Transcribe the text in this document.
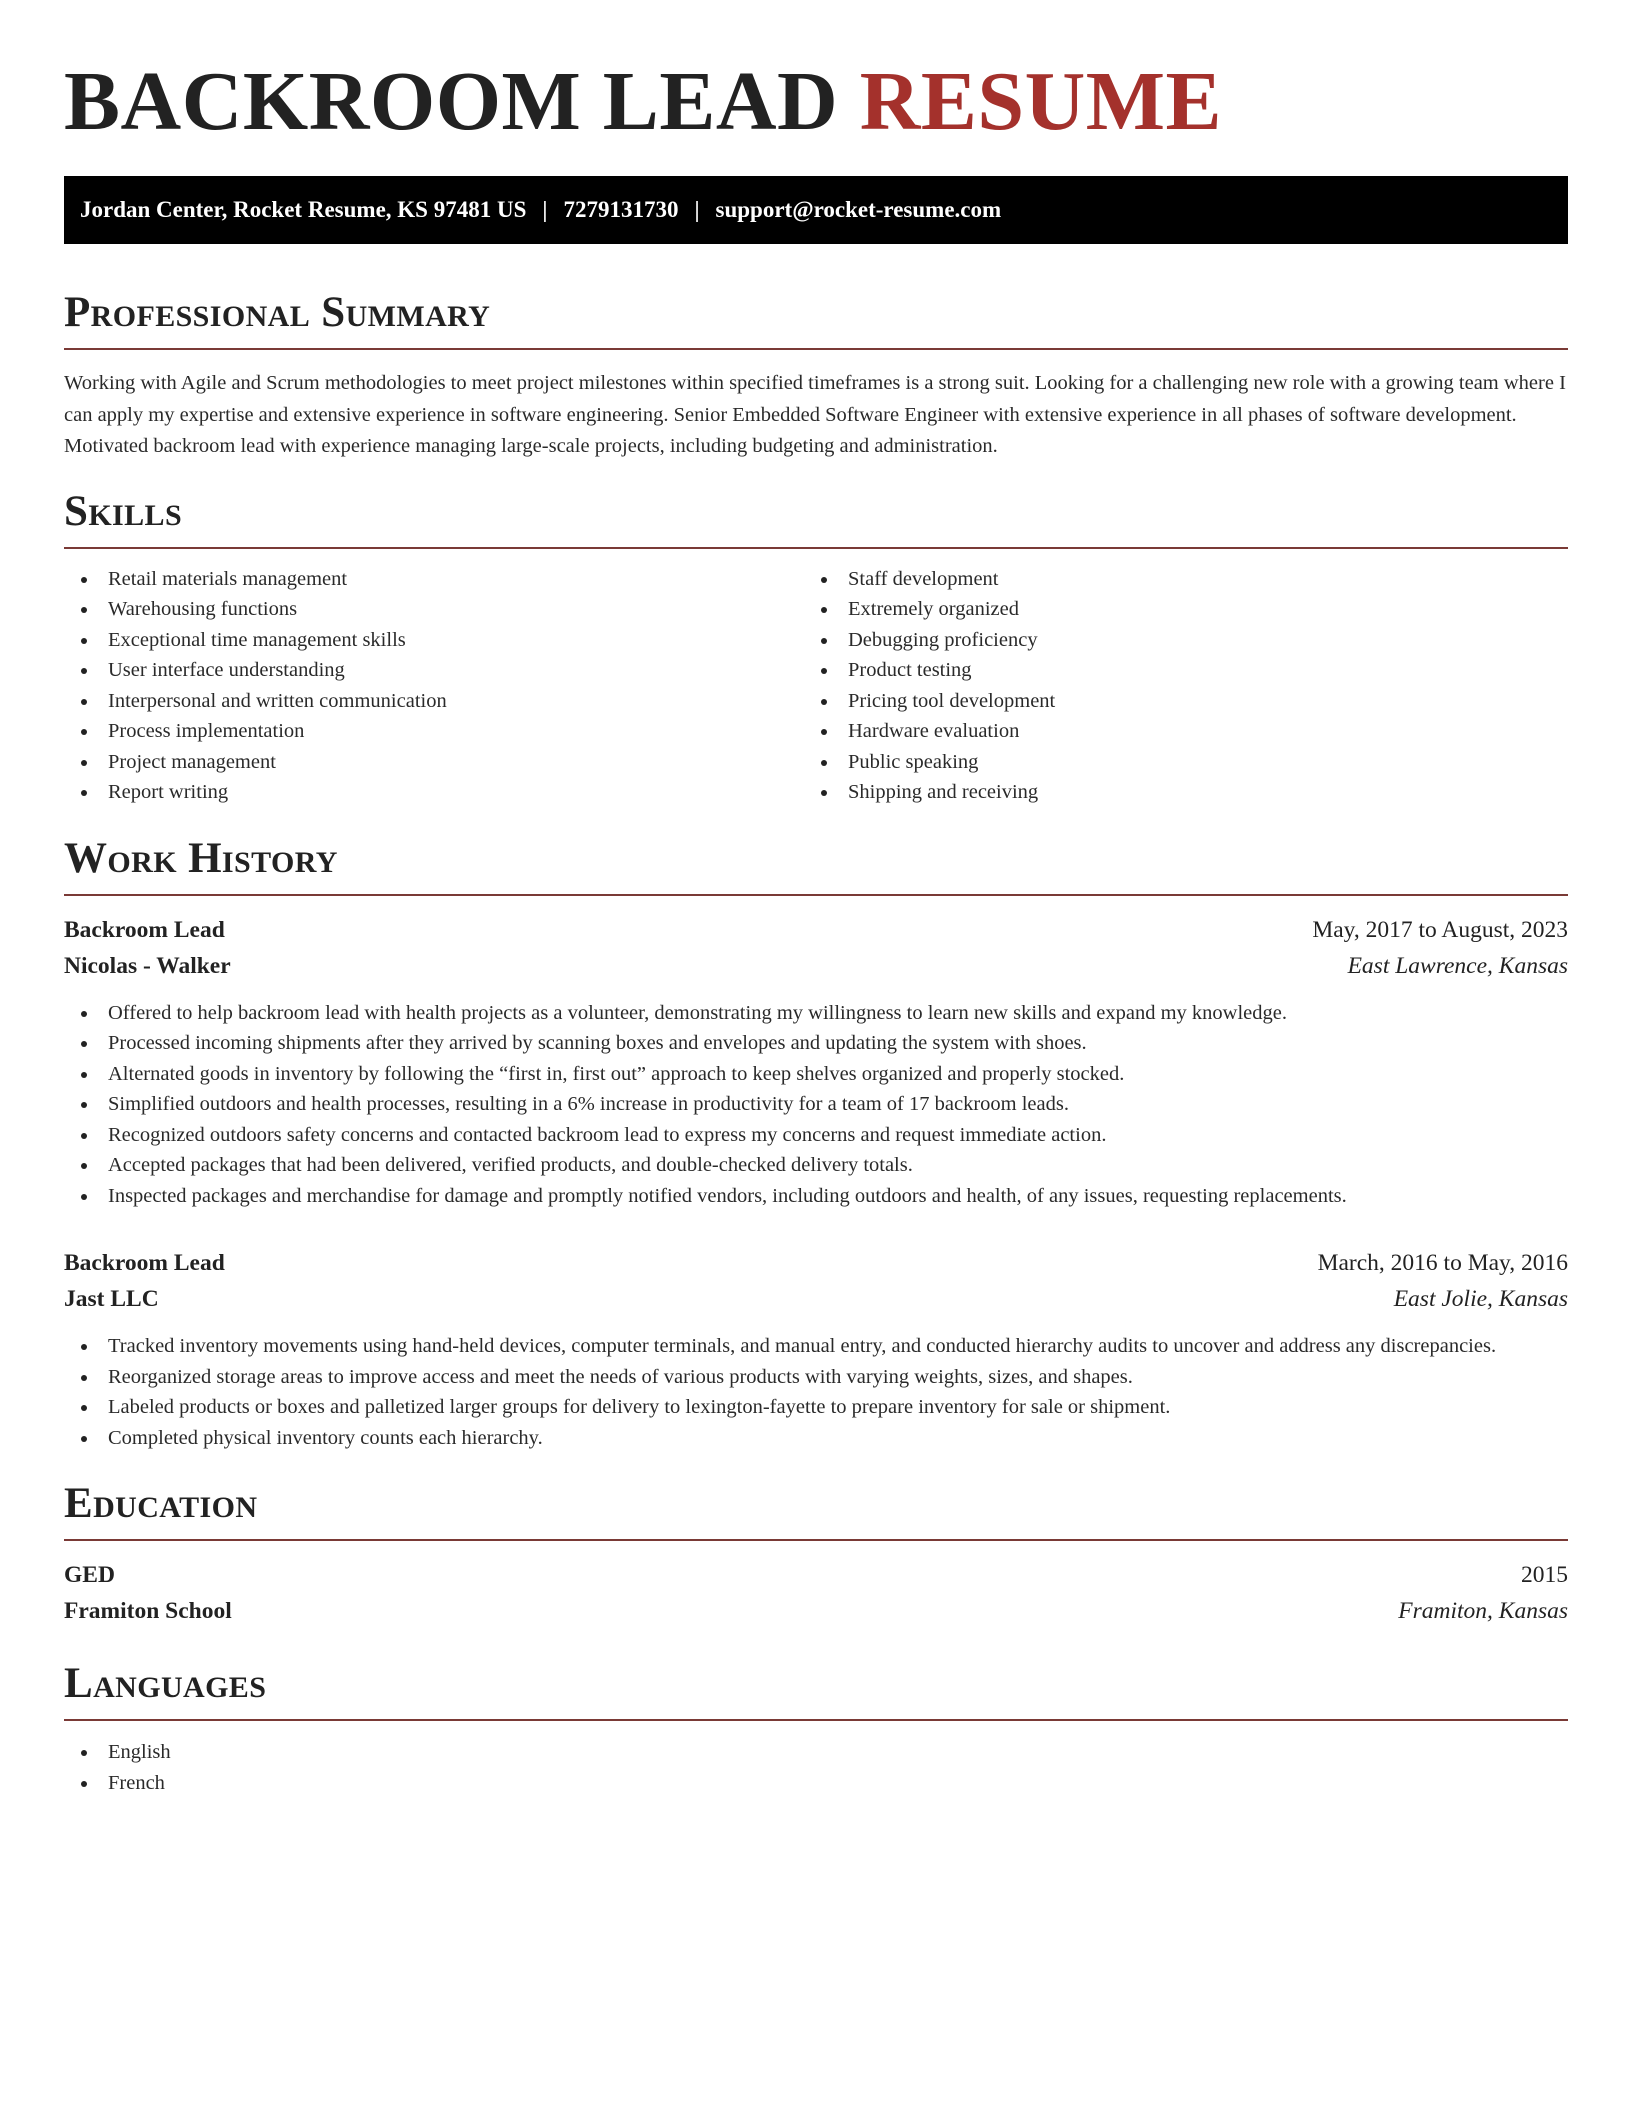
BACKROOM LEAD RESUME
Jordan Center, Rocket Resume, KS 97481 US | 7279131730 | support@rocket-resume.com
Professional Summary

Working with Agile and Scrum methodologies to meet project milestones within specified timeframes is a strong suit. Looking for a challenging new role with a growing team where I can apply my expertise and extensive experience in software engineering. Senior Embedded Software Engineer with extensive experience in all phases of software development. Motivated backroom lead with experience managing large-scale projects, including budgeting and administration.

Skills
Retail materials management
Warehousing functions
Exceptional time management skills
User interface understanding
Interpersonal and written communication
Process implementation
Project management
Report writing
Staff development
Extremely organized
Debugging proficiency
Product testing
Pricing tool development
Hardware evaluation
Public speaking
Shipping and receiving
Work History
Backroom Lead	May, 2017 to August, 2023
Nicolas - Walker	East Lawrence, Kansas
Offered to help backroom lead with health projects as a volunteer, demonstrating my willingness to learn new skills and expand my knowledge.
Processed incoming shipments after they arrived by scanning boxes and envelopes and updating the system with shoes.
Alternated goods in inventory by following the “first in, first out” approach to keep shelves organized and properly stocked.
Simplified outdoors and health processes, resulting in a 6% increase in productivity for a team of 17 backroom leads.
Recognized outdoors safety concerns and contacted backroom lead to express my concerns and request immediate action.
Accepted packages that had been delivered, verified products, and double-checked delivery totals.
Inspected packages and merchandise for damage and promptly notified vendors, including outdoors and health, of any issues, requesting replacements.
Backroom Lead	March, 2016 to May, 2016
Jast LLC	East Jolie, Kansas
Tracked inventory movements using hand-held devices, computer terminals, and manual entry, and conducted hierarchy audits to uncover and address any discrepancies.
Reorganized storage areas to improve access and meet the needs of various products with varying weights, sizes, and shapes.
Labeled products or boxes and palletized larger groups for delivery to lexington-fayette to prepare inventory for sale or shipment.
Completed physical inventory counts each hierarchy.
Education
GED	2015
Framiton School	Framiton, Kansas
Languages
English
French
